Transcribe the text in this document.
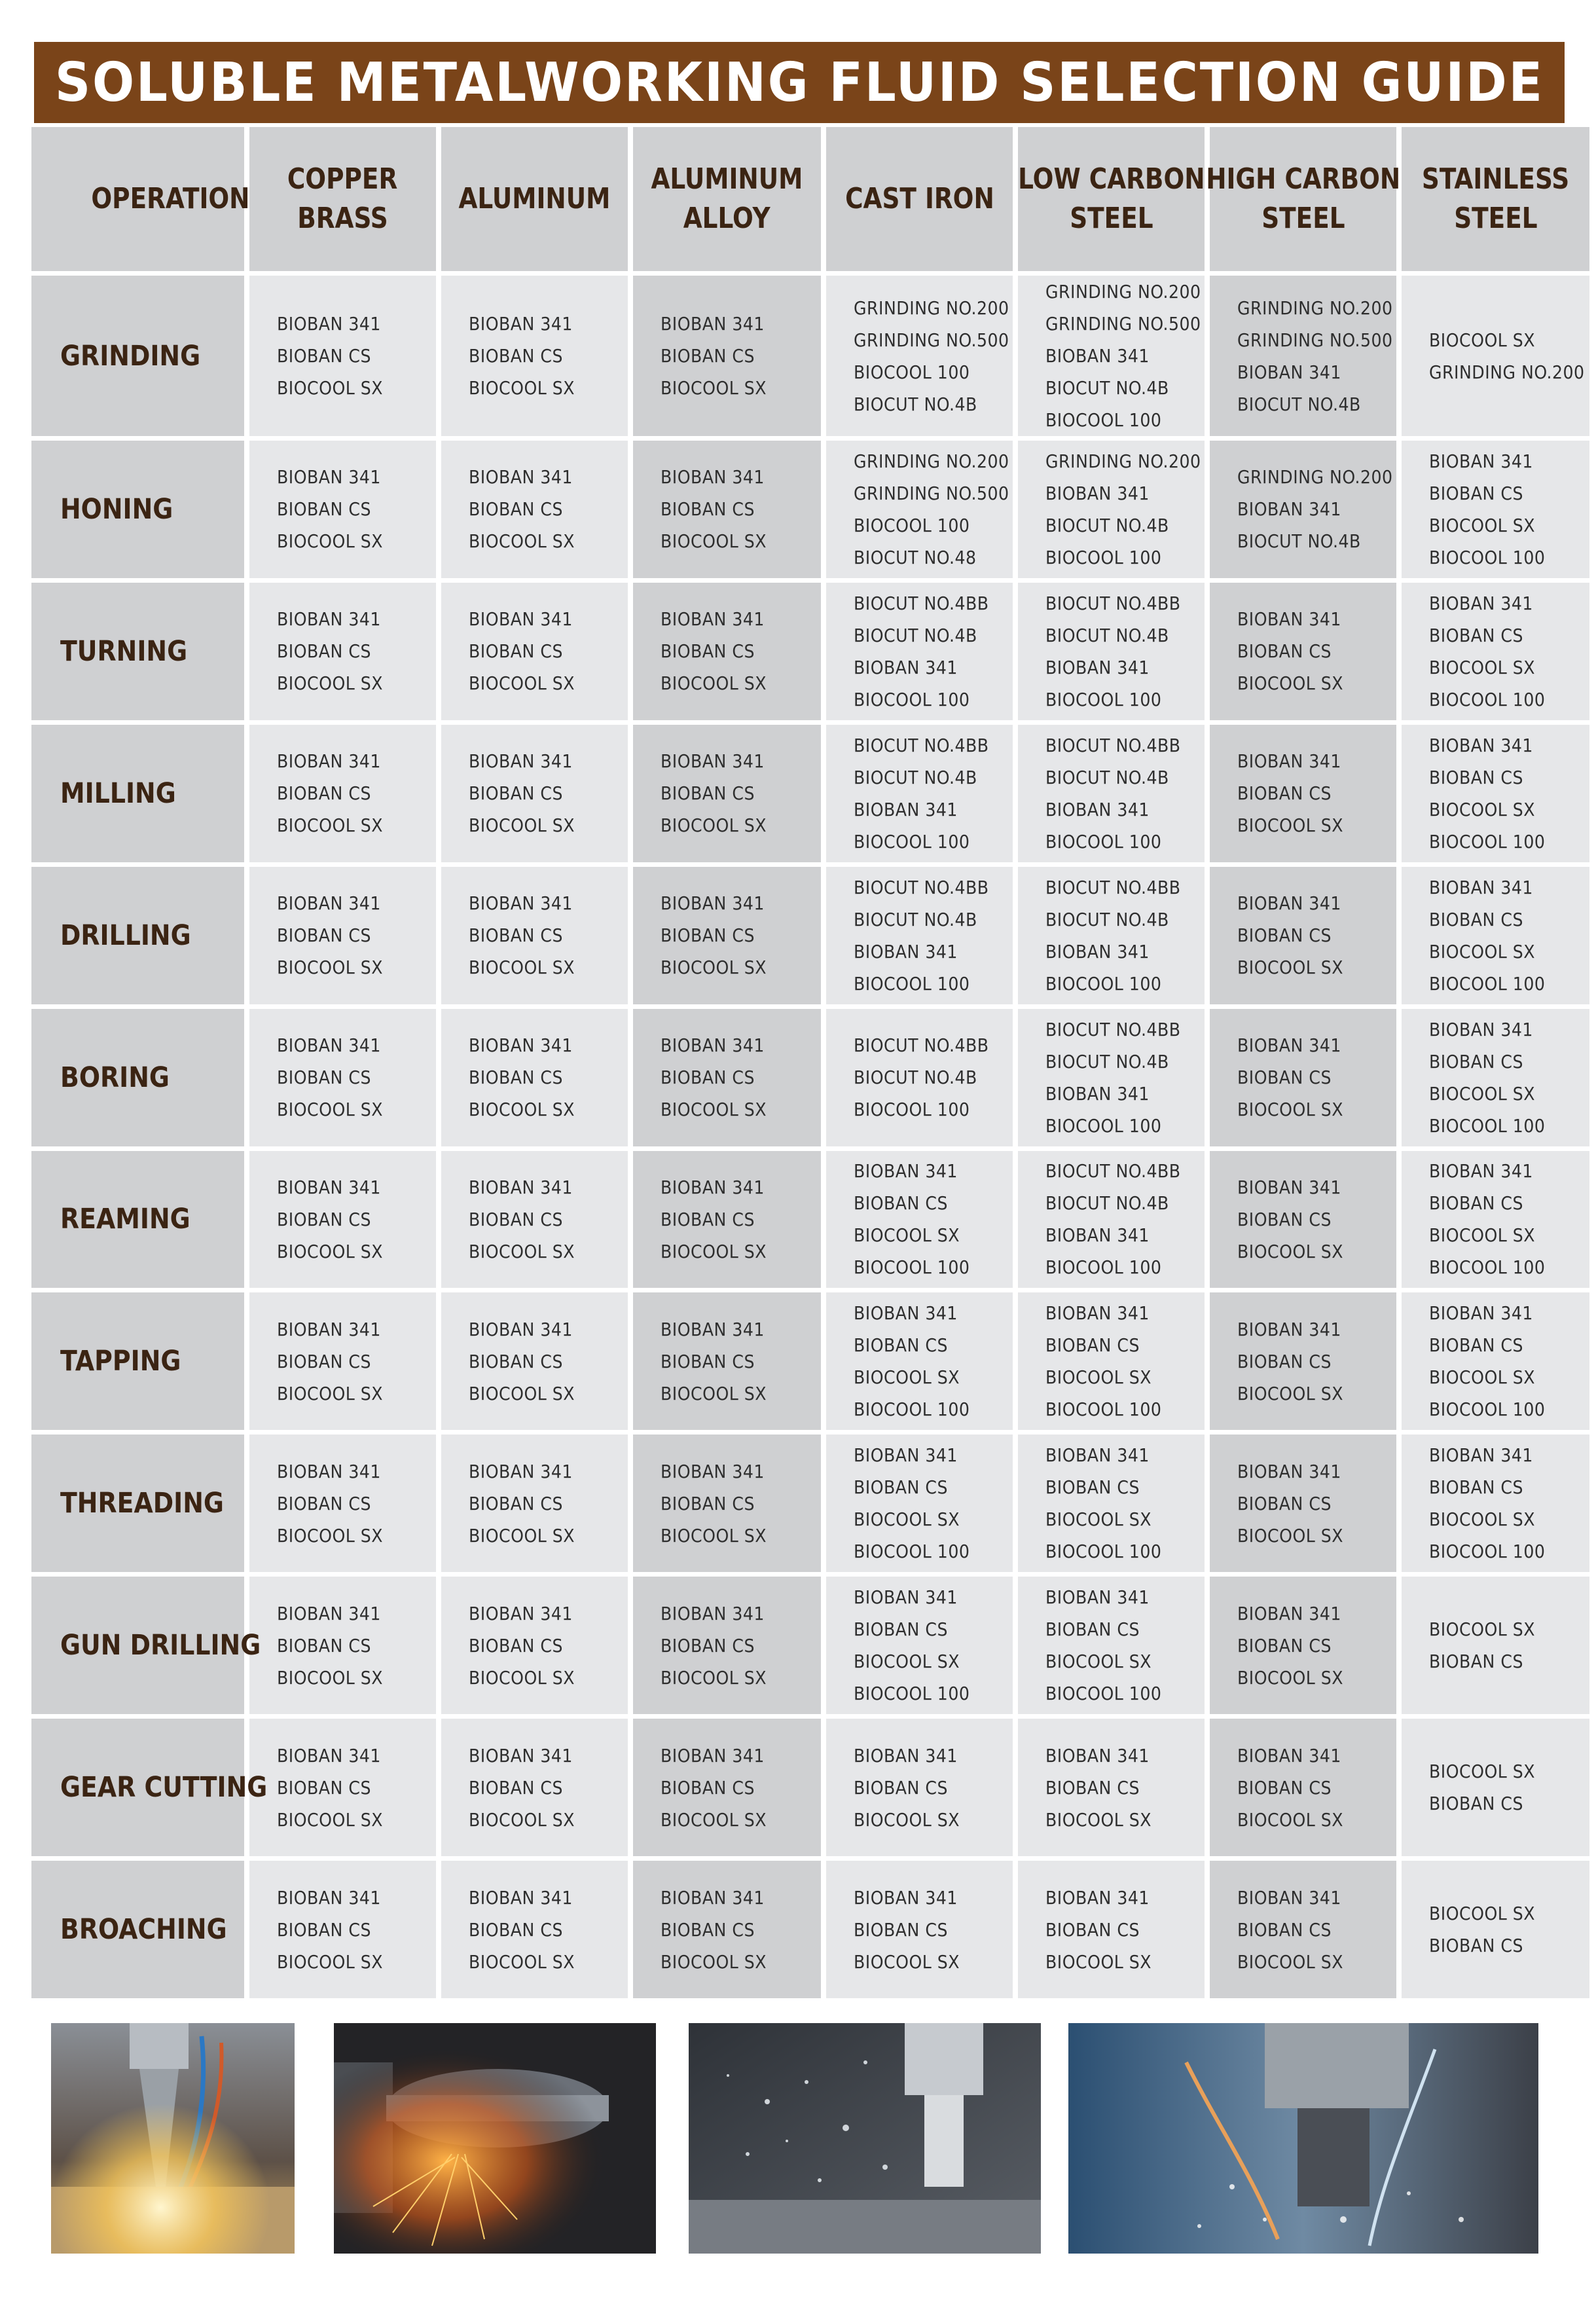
SOLUBLE METALWORKING FLUID SELECTION GUIDE
OPERATION
COPPER
BRASS
ALUMINUM
ALUMINUM
ALLOY
CAST IRON
LOW CARBON
STEEL
HIGH CARBON
STEEL
STAINLESS
STEEL
GRINDING
BIOBAN 341
BIOBAN CS
BIOCOOL SX
BIOBAN 341
BIOBAN CS
BIOCOOL SX
BIOBAN 341
BIOBAN CS
BIOCOOL SX
GRINDING NO.200
GRINDING NO.500
BIOCOOL 100
BIOCUT NO.4B
GRINDING NO.200
GRINDING NO.500
BIOBAN 341
BIOCUT NO.4B
BIOCOOL 100
GRINDING NO.200
GRINDING NO.500
BIOBAN 341
BIOCUT NO.4B
BIOCOOL SX
GRINDING NO.200
HONING
BIOBAN 341
BIOBAN CS
BIOCOOL SX
BIOBAN 341
BIOBAN CS
BIOCOOL SX
BIOBAN 341
BIOBAN CS
BIOCOOL SX
GRINDING NO.200
GRINDING NO.500
BIOCOOL 100
BIOCUT NO.48
GRINDING NO.200
BIOBAN 341
BIOCUT NO.4B
BIOCOOL 100
GRINDING NO.200
BIOBAN 341
BIOCUT NO.4B
BIOBAN 341
BIOBAN CS
BIOCOOL SX
BIOCOOL 100
TURNING
BIOBAN 341
BIOBAN CS
BIOCOOL SX
BIOBAN 341
BIOBAN CS
BIOCOOL SX
BIOBAN 341
BIOBAN CS
BIOCOOL SX
BIOCUT NO.4BB
BIOCUT NO.4B
BIOBAN 341
BIOCOOL 100
BIOCUT NO.4BB
BIOCUT NO.4B
BIOBAN 341
BIOCOOL 100
BIOBAN 341
BIOBAN CS
BIOCOOL SX
BIOBAN 341
BIOBAN CS
BIOCOOL SX
BIOCOOL 100
MILLING
BIOBAN 341
BIOBAN CS
BIOCOOL SX
BIOBAN 341
BIOBAN CS
BIOCOOL SX
BIOBAN 341
BIOBAN CS
BIOCOOL SX
BIOCUT NO.4BB
BIOCUT NO.4B
BIOBAN 341
BIOCOOL 100
BIOCUT NO.4BB
BIOCUT NO.4B
BIOBAN 341
BIOCOOL 100
BIOBAN 341
BIOBAN CS
BIOCOOL SX
BIOBAN 341
BIOBAN CS
BIOCOOL SX
BIOCOOL 100
DRILLING
BIOBAN 341
BIOBAN CS
BIOCOOL SX
BIOBAN 341
BIOBAN CS
BIOCOOL SX
BIOBAN 341
BIOBAN CS
BIOCOOL SX
BIOCUT NO.4BB
BIOCUT NO.4B
BIOBAN 341
BIOCOOL 100
BIOCUT NO.4BB
BIOCUT NO.4B
BIOBAN 341
BIOCOOL 100
BIOBAN 341
BIOBAN CS
BIOCOOL SX
BIOBAN 341
BIOBAN CS
BIOCOOL SX
BIOCOOL 100
BORING
BIOBAN 341
BIOBAN CS
BIOCOOL SX
BIOBAN 341
BIOBAN CS
BIOCOOL SX
BIOBAN 341
BIOBAN CS
BIOCOOL SX
BIOCUT NO.4BB
BIOCUT NO.4B
BIOCOOL 100
BIOCUT NO.4BB
BIOCUT NO.4B
BIOBAN 341
BIOCOOL 100
BIOBAN 341
BIOBAN CS
BIOCOOL SX
BIOBAN 341
BIOBAN CS
BIOCOOL SX
BIOCOOL 100
REAMING
BIOBAN 341
BIOBAN CS
BIOCOOL SX
BIOBAN 341
BIOBAN CS
BIOCOOL SX
BIOBAN 341
BIOBAN CS
BIOCOOL SX
BIOBAN 341
BIOBAN CS
BIOCOOL SX
BIOCOOL 100
BIOCUT NO.4BB
BIOCUT NO.4B
BIOBAN 341
BIOCOOL 100
BIOBAN 341
BIOBAN CS
BIOCOOL SX
BIOBAN 341
BIOBAN CS
BIOCOOL SX
BIOCOOL 100
TAPPING
BIOBAN 341
BIOBAN CS
BIOCOOL SX
BIOBAN 341
BIOBAN CS
BIOCOOL SX
BIOBAN 341
BIOBAN CS
BIOCOOL SX
BIOBAN 341
BIOBAN CS
BIOCOOL SX
BIOCOOL 100
BIOBAN 341
BIOBAN CS
BIOCOOL SX
BIOCOOL 100
BIOBAN 341
BIOBAN CS
BIOCOOL SX
BIOBAN 341
BIOBAN CS
BIOCOOL SX
BIOCOOL 100
THREADING
BIOBAN 341
BIOBAN CS
BIOCOOL SX
BIOBAN 341
BIOBAN CS
BIOCOOL SX
BIOBAN 341
BIOBAN CS
BIOCOOL SX
BIOBAN 341
BIOBAN CS
BIOCOOL SX
BIOCOOL 100
BIOBAN 341
BIOBAN CS
BIOCOOL SX
BIOCOOL 100
BIOBAN 341
BIOBAN CS
BIOCOOL SX
BIOBAN 341
BIOBAN CS
BIOCOOL SX
BIOCOOL 100
GUN DRILLING
BIOBAN 341
BIOBAN CS
BIOCOOL SX
BIOBAN 341
BIOBAN CS
BIOCOOL SX
BIOBAN 341
BIOBAN CS
BIOCOOL SX
BIOBAN 341
BIOBAN CS
BIOCOOL SX
BIOCOOL 100
BIOBAN 341
BIOBAN CS
BIOCOOL SX
BIOCOOL 100
BIOBAN 341
BIOBAN CS
BIOCOOL SX
BIOCOOL SX
BIOBAN CS
GEAR CUTTING
BIOBAN 341
BIOBAN CS
BIOCOOL SX
BIOBAN 341
BIOBAN CS
BIOCOOL SX
BIOBAN 341
BIOBAN CS
BIOCOOL SX
BIOBAN 341
BIOBAN CS
BIOCOOL SX
BIOBAN 341
BIOBAN CS
BIOCOOL SX
BIOBAN 341
BIOBAN CS
BIOCOOL SX
BIOCOOL SX
BIOBAN CS
BROACHING
BIOBAN 341
BIOBAN CS
BIOCOOL SX
BIOBAN 341
BIOBAN CS
BIOCOOL SX
BIOBAN 341
BIOBAN CS
BIOCOOL SX
BIOBAN 341
BIOBAN CS
BIOCOOL SX
BIOBAN 341
BIOBAN CS
BIOCOOL SX
BIOBAN 341
BIOBAN CS
BIOCOOL SX
BIOCOOL SX
BIOBAN CS
